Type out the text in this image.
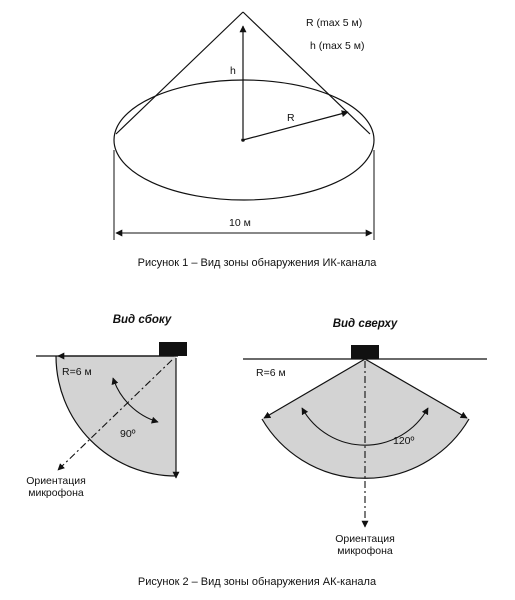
R (max 5 м)
h (max 5 м)
h
R
10 м
Рисунок 1 – Вид зоны обнаружения ИК-канала
Вид сбоку
R=6 м
90º
Ориентация
микрофона
Вид сверху
R=6 м
120º
Ориентация
микрофона
Рисунок 2 – Вид зоны обнаружения АК-канала
